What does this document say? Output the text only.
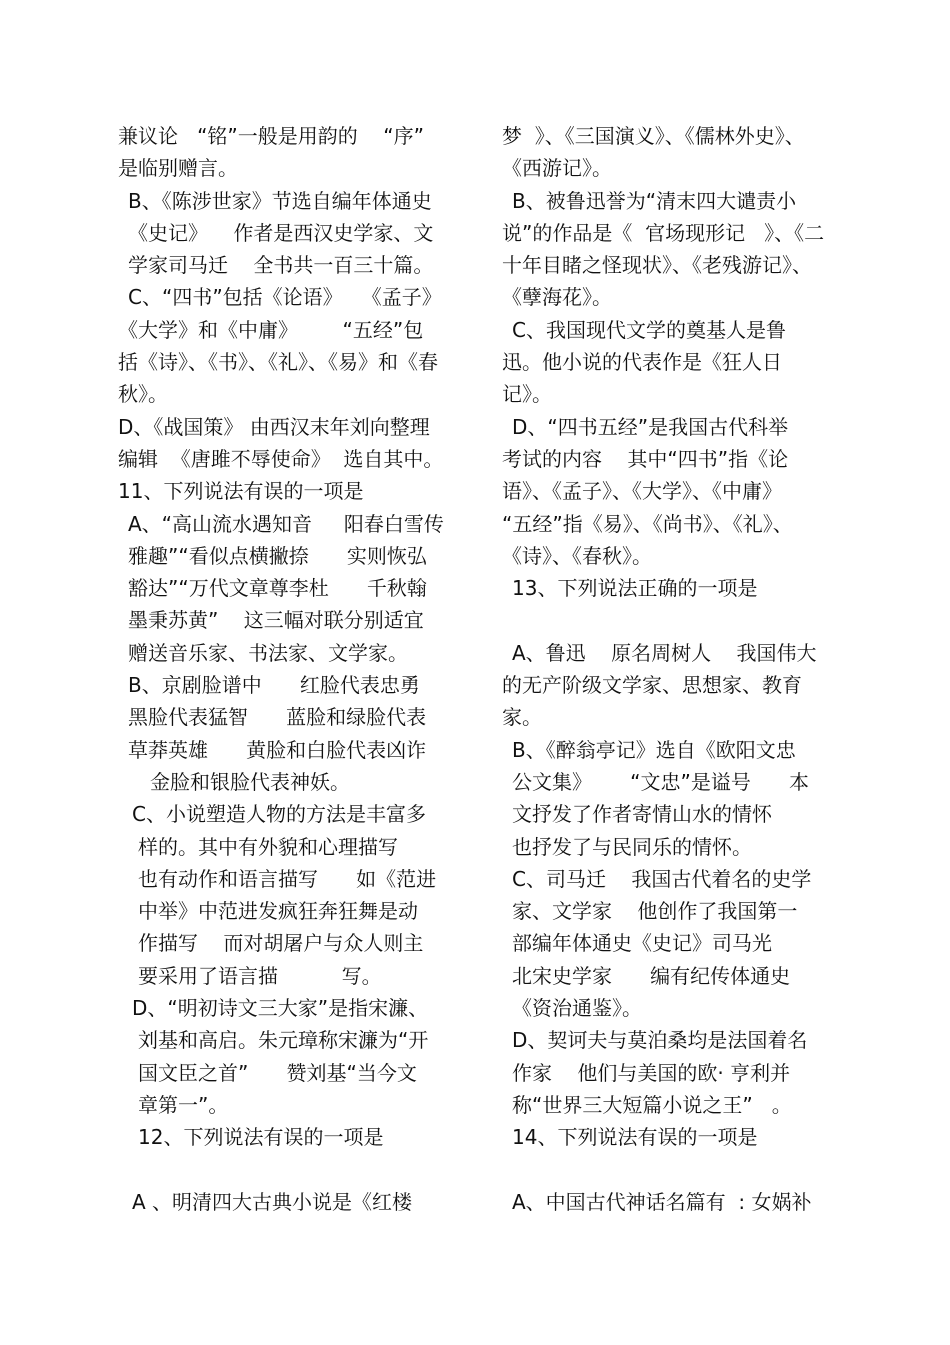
兼议论   “铭”一般是用韵的    “序”
是临别赠言。
B、《陈涉世家》节选自编年体通史
《史记》    作者是西汉史学家、文
学家司马迁    全书共一百三十篇。
C、“四书”包括《论语》   《孟子》
《大学》和《中庸》       “五经”包
括《诗》、《书》、《礼》、《易》和《春
秋》。
D、《战国策》 由西汉末年刘向整理
编辑  《唐雎不辱使命》  选自其中。
11、下列说法有误的一项是
A、“高山流水遇知音     阳春白雪传
雅趣”“看似点横撇捺      实则恢弘
豁达”“万代文章尊李杜      千秋翰
墨秉苏黄”    这三幅对联分别适宜
赠送音乐家、书法家、文学家。
B、京剧脸谱中      红脸代表忠勇
黑脸代表猛智      蓝脸和绿脸代表
草莽英雄      黄脸和白脸代表凶诈
金脸和银脸代表神妖。
C、小说塑造人物的方法是丰富多
样的。其中有外貌和心理描写
也有动作和语言描写      如《范进
中举》中范进发疯狂奔狂舞是动
作描写    而对胡屠户与众人则主
要采用了语言描          写。
D、“明初诗文三大家”是指宋濂、
刘基和高启。朱元璋称宋濂为“开
国文臣之首”      赞刘基“当今文
章第一”。
12、下列说法有误的一项是
A 、明清四大古典小说是《红楼
梦  》、《三国演义》、《儒林外史》、
《西游记》。
B、被鲁迅誉为“清末四大谴责小
说”的作品是《  官场现形记   》、《二
十年目睹之怪现状》、《老残游记》、
《孽海花》。
C、我国现代文学的奠基人是鲁
迅。他小说的代表作是《狂人日
记》。
D、“四书五经”是我国古代科举
考试的内容    其中“四书”指《论
语》、《孟子》、《大学》、《中庸》
“五经”指《易》、《尚书》、《礼》、
《诗》、《春秋》。
13、下列说法正确的一项是
A、鲁迅    原名周树人    我国伟大
的无产阶级文学家、思想家、教育
家。
B、《醉翁亭记》选自《欧阳文忠
公文集》      “文忠”是谥号      本
文抒发了作者寄情山水的情怀
也抒发了与民同乐的情怀。
C、司马迁    我国古代着名的史学
家、文学家    他创作了我国第一
部编年体通史《史记》司马光
北宋史学家      编有纪传体通史
《资治通鉴》。
D、契诃夫与莫泊桑均是法国着名
作家    他们与美国的欧· 亨利并
称“世界三大短篇小说之王”   。
14、下列说法有误的一项是
A、中国古代神话名篇有  : 女娲补
